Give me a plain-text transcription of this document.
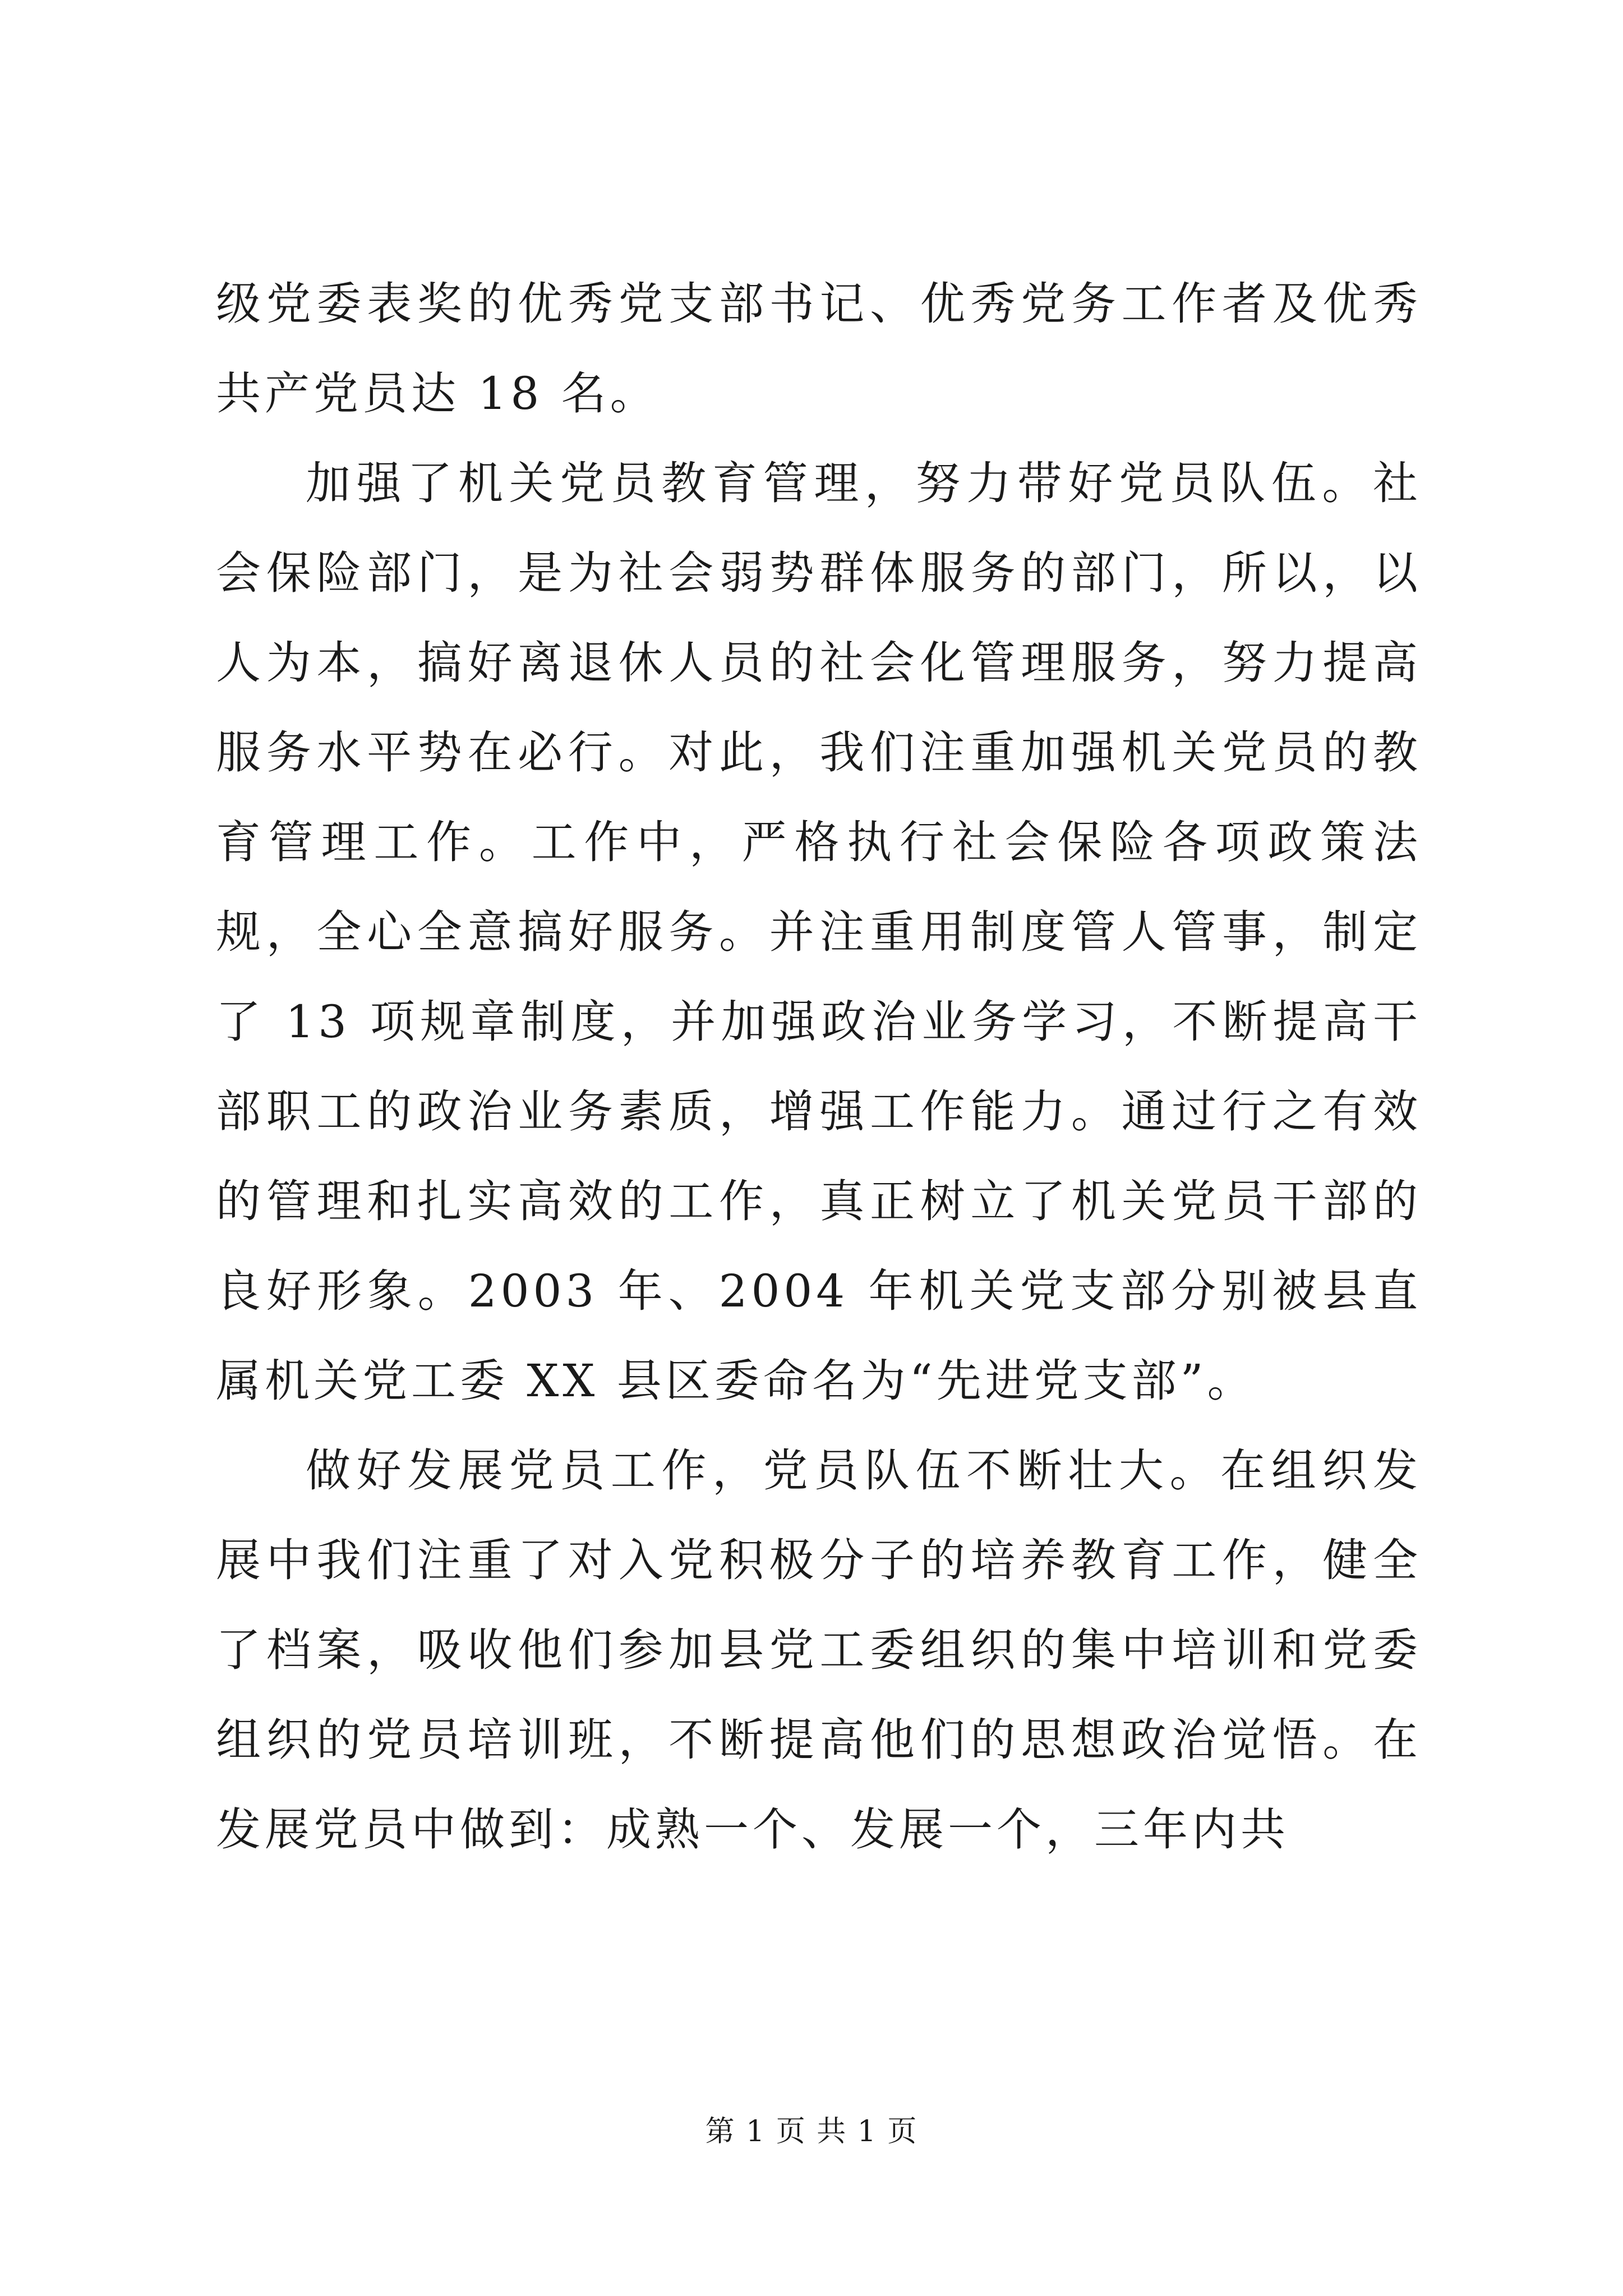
级党委表奖的优秀党支部书记、优秀党务工作者及优秀共产党员达 18 名。

加强了机关党员教育管理，努力带好党员队伍。社会保险部门，是为社会弱势群体服务的部门，所以，以人为本，搞好离退休人员的社会化管理服务，努力提高服务水平势在必行。对此，我们注重加强机关党员的教育管理工作。工作中，严格执行社会保险各项政策法规，全心全意搞好服务。并注重用制度管人管事，制定了 13 项规章制度，并加强政治业务学习，不断提高干部职工的政治业务素质，增强工作能力。通过行之有效的管理和扎实高效的工作，真正树立了机关党员干部的良好形象。2003 年、2004 年机关党支部分别被县直属机关党工委 XX 县区委命名为“先进党支部”。

做好发展党员工作，党员队伍不断壮大。在组织发展中我们注重了对入党积极分子的培养教育工作，健全了档案，吸收他们参加县党工委组织的集中培训和党委组织的党员培训班，不断提高他们的思想政治觉悟。在发展党员中做到：成熟一个、发展一个，三年内共

第 1 页 共 1 页
